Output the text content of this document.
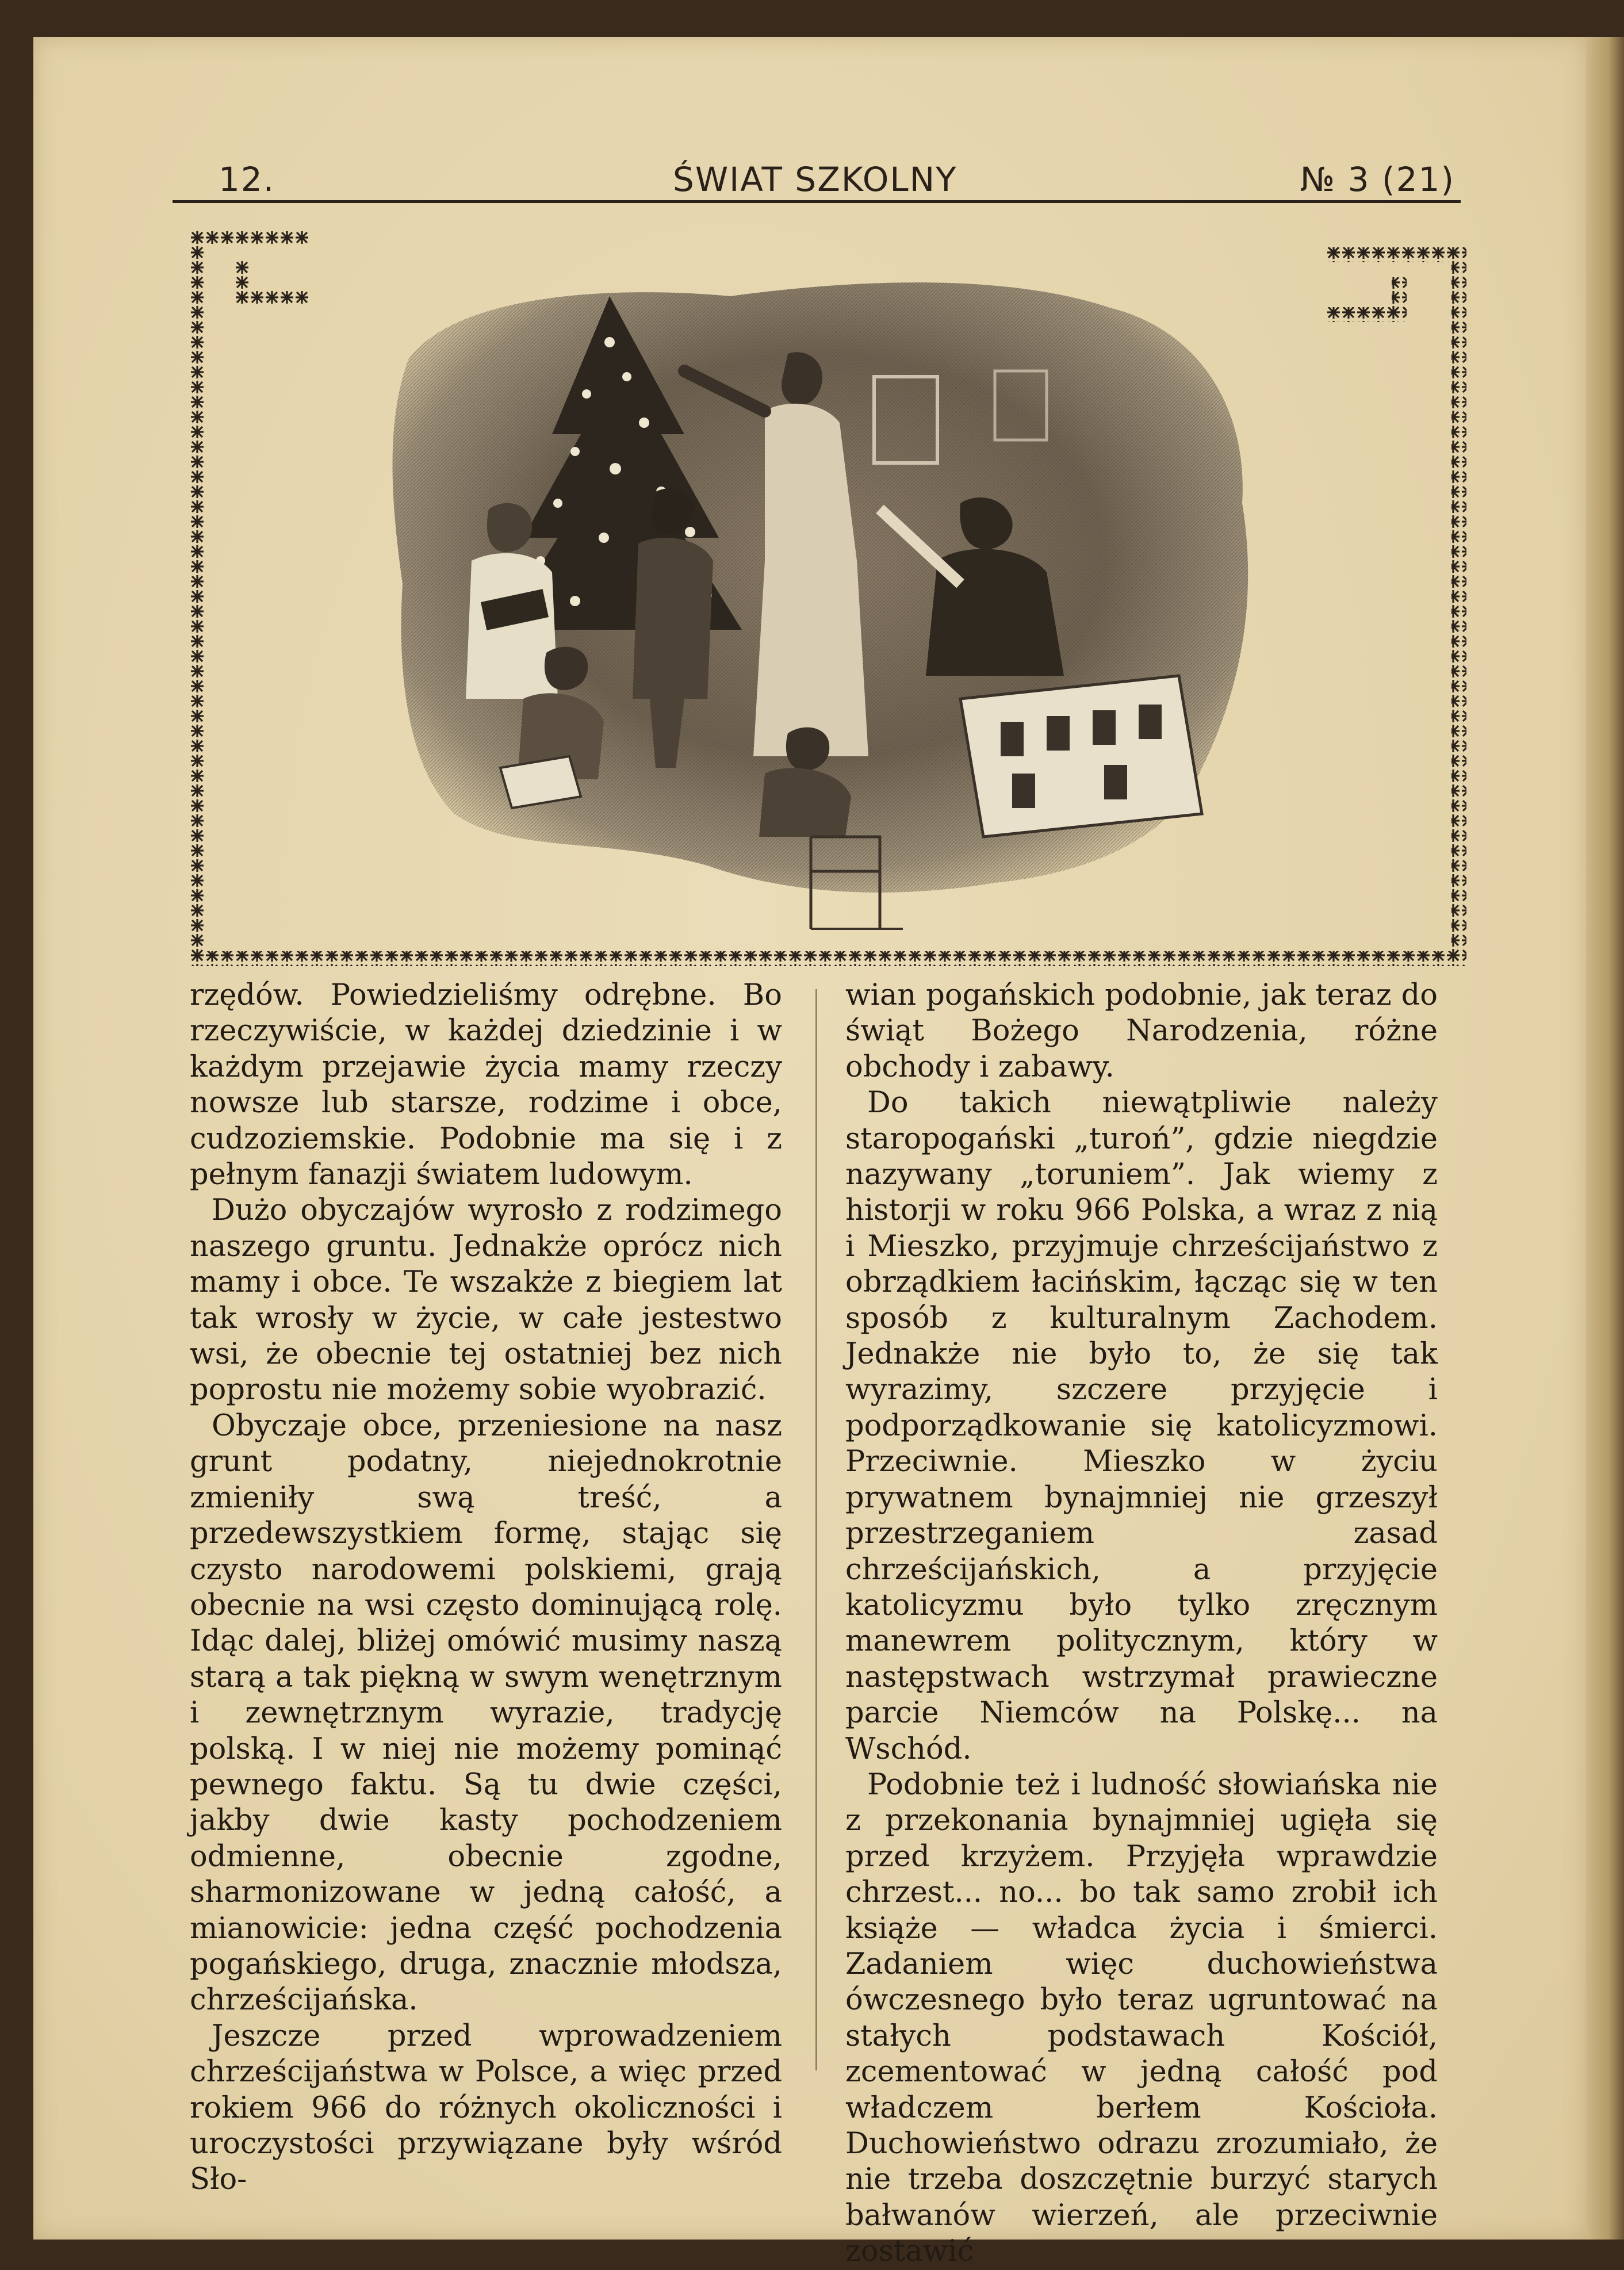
12.	ŚWIAT SZKOLNY	№ 3 (21)

rzędów. Powiedzieliśmy odrębne. Bo rzeczywiście, w każdej dziedzinie i w każdym przejawie życia mamy rzeczy nowsze lub starsze, rodzime i obce, cudzoziemskie. Podobnie ma się i z pełnym fanazji światem ludowym.

Dużo obyczajów wyrosło z rodzimego naszego gruntu. Jednakże oprócz nich mamy i obce. Te wszakże z biegiem lat tak wrosły w życie, w całe jestestwo wsi, że obecnie tej ostatniej bez nich poprostu nie możemy sobie wyobrazić.

Obyczaje obce, przeniesione na nasz grunt podatny, niejednokrotnie zmieniły swą treść, a przedewszystkiem formę, stając się czysto narodowemi polskiemi, grają obecnie na wsi często dominującą rolę. Idąc dalej, bliżej omówić musimy naszą starą a tak piękną w swym wenętrznym i zewnętrznym wyrazie, tradycję polską. I w niej nie możemy pominąć pewnego faktu. Są tu dwie części, jakby dwie kasty pochodzeniem odmienne, obecnie zgodne, sharmonizowane w jedną całość, a mianowicie: jedna część pochodzenia pogańskiego, druga, znacznie młodsza, chrześcijańska.

Jeszcze przed wprowadzeniem chrześcijaństwa w Polsce, a więc przed rokiem 966 do różnych okoliczności i uroczystości przywiązane były wśród Sło-

wian pogańskich podobnie, jak teraz do świąt Bożego Narodzenia, różne obchody i zabawy.

Do takich niewątpliwie należy staropogański „turoń”, gdzie niegdzie nazywany „toruniem”. Jak wiemy z historji w roku 966 Polska, a wraz z nią i Mieszko, przyjmuje chrześcijaństwo z obrządkiem łacińskim, łącząc się w ten sposób z kulturalnym Zachodem. Jednakże nie było to, że się tak wyrazimy, szczere przyjęcie i podporządkowanie się katolicyzmowi. Przeciwnie. Mieszko w życiu prywatnem bynajmniej nie grzeszył przestrzeganiem zasad chrześcijańskich, a przyjęcie katolicyzmu było tylko zręcznym manewrem politycznym, który w następstwach wstrzymał prawieczne parcie Niemców na Polskę... na Wschód.

Podobnie też i ludność słowiańska nie z przekonania bynajmniej ugięła się przed krzyżem. Przyjęła wprawdzie chrzest... no... bo tak samo zrobił ich książe — władca życia i śmierci. Zadaniem więc duchowieństwa ówczesnego było teraz ugruntować na stałych podstawach Kościół, zcementować w jedną całość pod władczem berłem Kościoła. Duchowieństwo odrazu zrozumiało, że nie trzeba doszczętnie burzyć starych bałwanów wierzeń, ale przeciwnie zostawić
